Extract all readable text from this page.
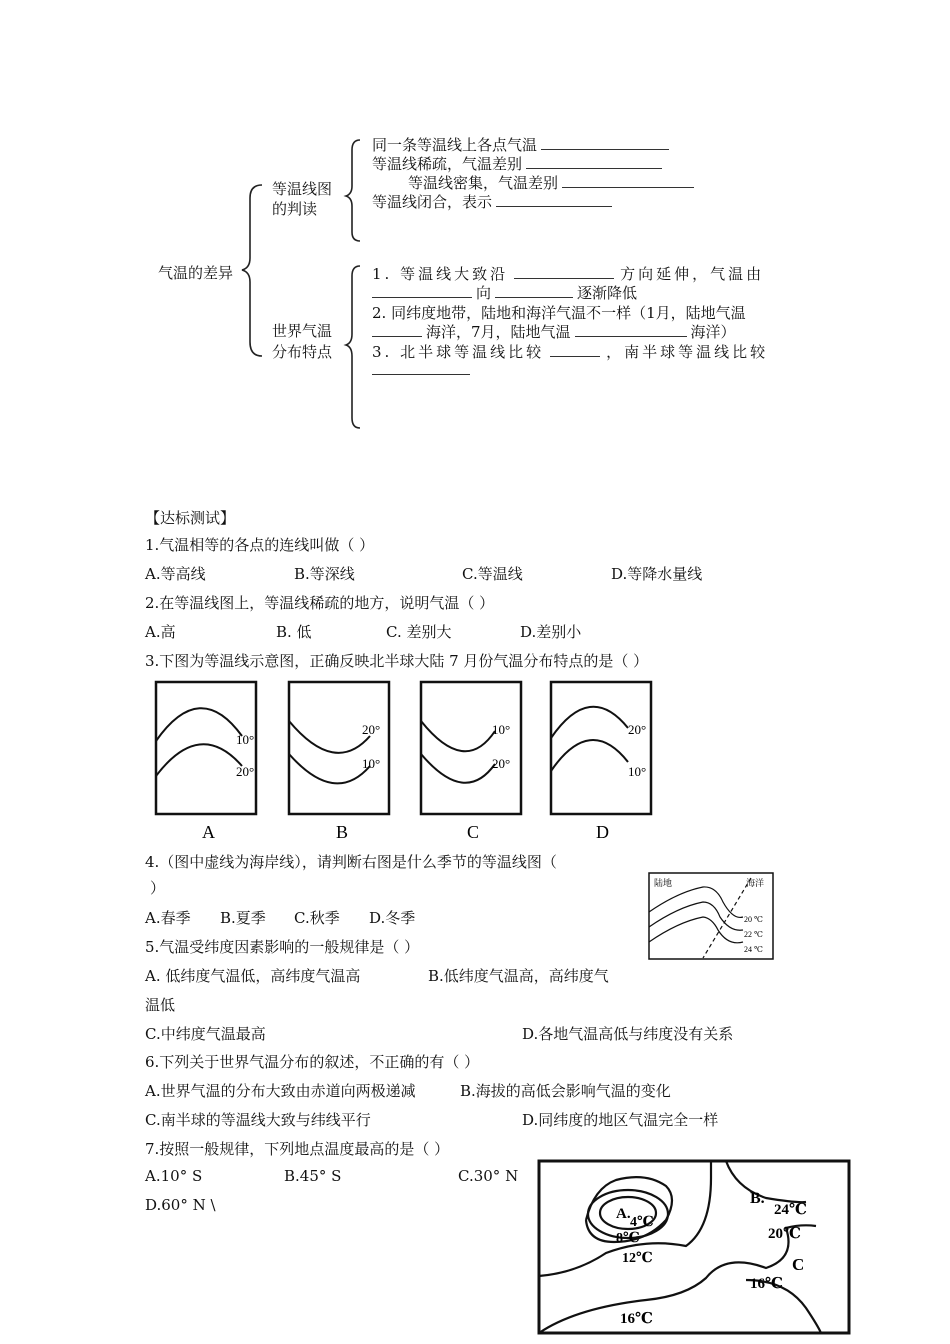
气温的差异
等温线图
的判读
世界气温
分布特点
同一条等温线上各点气温
等温线稀疏，气温差别
等温线密集，气温差别
等温线闭合，表示
1. 等温线大致沿	方向延伸，气温由
向	逐渐降低
2. 同纬度地带，陆地和海洋气温不一样（1月，陆地气温
海洋，7月，陆地气温	海洋）
3. 北半球等温线比较	，南半球等温线比较
【达标测试】
1.气温相等的各点的连线叫做（ ）
A.等高线	B.等深线	C.等温线	D.等降水量线
2.在等温线图上，等温线稀疏的地方，说明气温（ ）
A.高	B. 低	C. 差别大	D.差别小
3.下图为等温线示意图，正确反映北半球大陆 7 月份气温分布特点的是（ ）
10°
20°
A
20°
10°
B
10°
20°
C
20°
10°
D
4.（图中虚线为海岸线），请判断右图是什么季节的等温线图（
）
A.春季 B.夏季 C.秋季 D.冬季
陆地	海洋
20 ℃
22 ℃
24 ℃
5.气温受纬度因素影响的一般规律是（ ）
A. 低纬度气温低，高纬度气温高	B.低纬度气温高，高纬度气
温低
C.中纬度气温最高	D.各地气温高低与纬度没有关系
6.下列关于世界气温分布的叙述，不正确的有（ ）
A.世界气温的分布大致由赤道向两极递减	B.海拔的高低会影响气温的变化
C.南半球的等温线大致与纬线平行	D.同纬度的地区气温完全一样
7.按照一般规律，下列地点温度最高的是（ ）
A.10° S	B.45° S	C.30° N
D.60° N \	A.
4℃
8℃
12℃
B.
24℃
20℃
C
16℃
16℃
